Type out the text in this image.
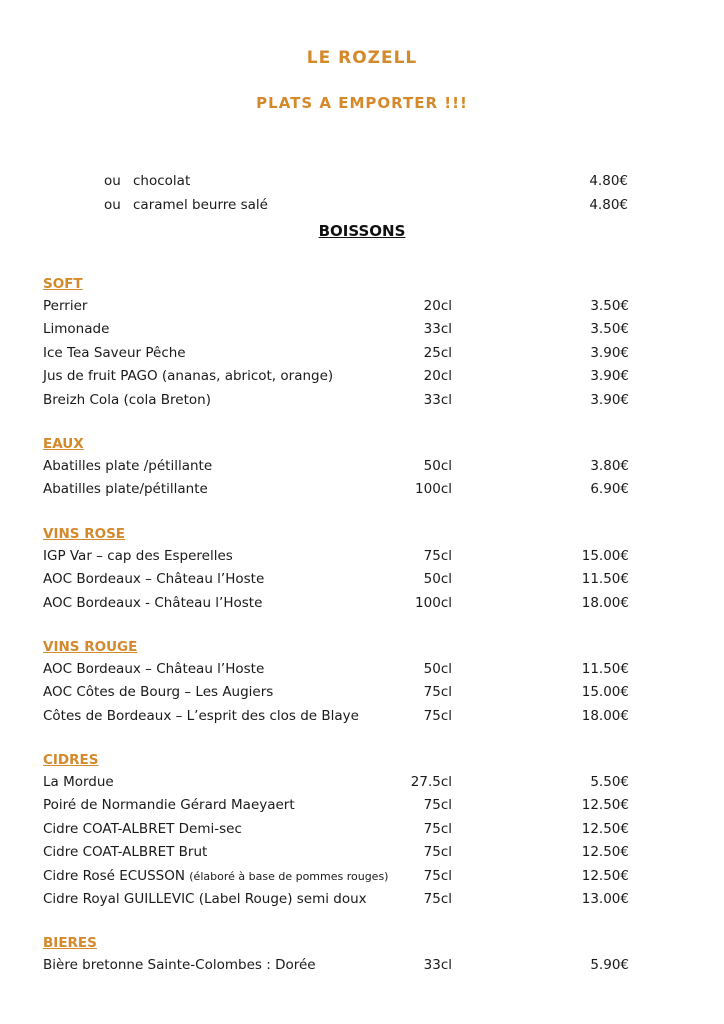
LE ROZELL
PLATS A EMPORTER !!!
ou chocolat	4.80€
ou caramel beurre salé	4.80€
BOISSONS
SOFT
Perrier	20cl	3.50€
Limonade	33cl	3.50€
Ice Tea Saveur Pêche	25cl	3.90€
Jus de fruit PAGO (ananas, abricot, orange)	20cl	3.90€
Breizh Cola (cola Breton)	33cl	3.90€
EAUX
Abatilles plate /pétillante	50cl	3.80€
Abatilles plate/pétillante	100cl	6.90€
VINS ROSE
IGP Var – cap des Esperelles	75cl	15.00€
AOC Bordeaux – Château l’Hoste	50cl	11.50€
AOC Bordeaux - Château l’Hoste	100cl	18.00€
VINS ROUGE
AOC Bordeaux – Château l’Hoste	50cl	11.50€
AOC Côtes de Bourg – Les Augiers	75cl	15.00€
Côtes de Bordeaux – L’esprit des clos de Blaye	75cl	18.00€
CIDRES
La Mordue	27.5cl	5.50€
Poiré de Normandie Gérard Maeyaert	75cl	12.50€
Cidre COAT-ALBRET Demi-sec	75cl	12.50€
Cidre COAT-ALBRET Brut	75cl	12.50€
Cidre Rosé ECUSSON (élaboré à base de pommes rouges)	75cl	12.50€
Cidre Royal GUILLEVIC (Label Rouge) semi doux	75cl	13.00€
BIERES
Bière bretonne Sainte-Colombes : Dorée	33cl	5.90€
